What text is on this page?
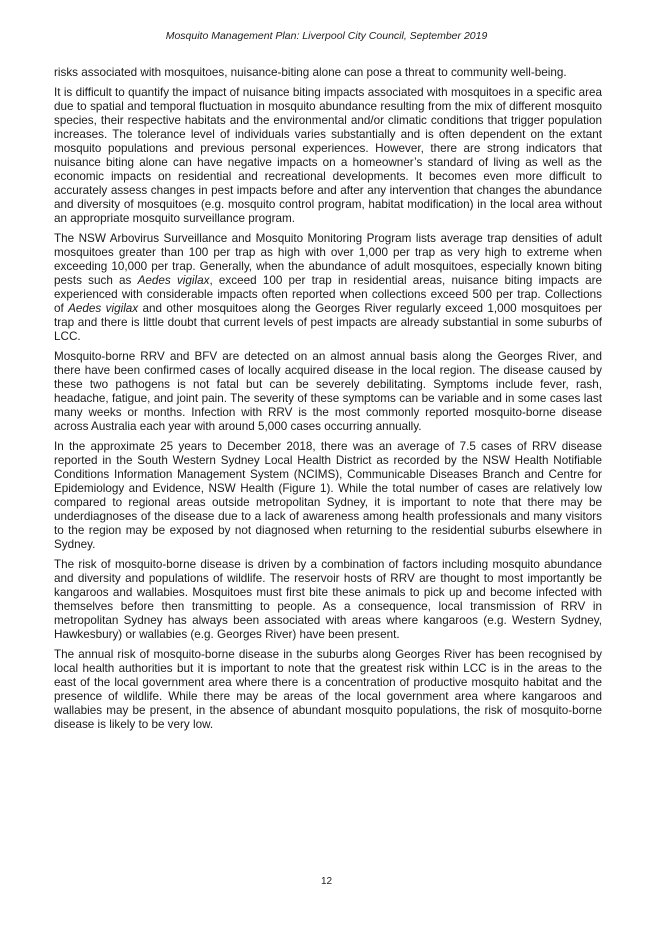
Mosquito Management Plan: Liverpool City Council, September 2019

risks associated with mosquitoes, nuisance-biting alone can pose a threat to community well-being.

It is difficult to quantify the impact of nuisance biting impacts associated with mosquitoes in a specific area due to spatial and temporal fluctuation in mosquito abundance resulting from the mix of different mosquito species, their respective habitats and the environmental and/or climatic conditions that trigger population increases. The tolerance level of individuals varies substantially and is often dependent on the extant mosquito populations and previous personal experiences. However, there are strong indicators that nuisance biting alone can have negative impacts on a homeowner’s standard of living as well as the economic impacts on residential and recreational developments. It becomes even more difficult to accurately assess changes in pest impacts before and after any intervention that changes the abundance and diversity of mosquitoes (e.g. mosquito control program, habitat modification) in the local area without an appropriate mosquito surveillance program.

The NSW Arbovirus Surveillance and Mosquito Monitoring Program lists average trap densities of adult mosquitoes greater than 100 per trap as high with over 1,000 per trap as very high to extreme when exceeding 10,000 per trap. Generally, when the abundance of adult mosquitoes, especially known biting pests such as Aedes vigilax, exceed 100 per trap in residential areas, nuisance biting impacts are experienced with considerable impacts often reported when collections exceed 500 per trap. Collections of Aedes vigilax and other mosquitoes along the Georges River regularly exceed 1,000 mosquitoes per trap and there is little doubt that current levels of pest impacts are already substantial in some suburbs of LCC.

Mosquito-borne RRV and BFV are detected on an almost annual basis along the Georges River, and there have been confirmed cases of locally acquired disease in the local region. The disease caused by these two pathogens is not fatal but can be severely debilitating. Symptoms include fever, rash, headache, fatigue, and joint pain. The severity of these symptoms can be variable and in some cases last many weeks or months. Infection with RRV is the most commonly reported mosquito-borne disease across Australia each year with around 5,000 cases occurring annually.

In the approximate 25 years to December 2018, there was an average of 7.5 cases of RRV disease reported in the South Western Sydney Local Health District as recorded by the NSW Health Notifiable Conditions Information Management System (NCIMS), Communicable Diseases Branch and Centre for Epidemiology and Evidence, NSW Health (Figure 1). While the total number of cases are relatively low compared to regional areas outside metropolitan Sydney, it is important to note that there may be underdiagnoses of the disease due to a lack of awareness among health professionals and many visitors to the region may be exposed by not diagnosed when returning to the residential suburbs elsewhere in Sydney.

The risk of mosquito-borne disease is driven by a combination of factors including mosquito abundance and diversity and populations of wildlife. The reservoir hosts of RRV are thought to most importantly be kangaroos and wallabies. Mosquitoes must first bite these animals to pick up and become infected with themselves before then transmitting to people. As a consequence, local transmission of RRV in metropolitan Sydney has always been associated with areas where kangaroos (e.g. Western Sydney, Hawkesbury) or wallabies (e.g. Georges River) have been present.

The annual risk of mosquito-borne disease in the suburbs along Georges River has been recognised by local health authorities but it is important to note that the greatest risk within LCC is in the areas to the east of the local government area where there is a concentration of productive mosquito habitat and the presence of wildlife. While there may be areas of the local government area where kangaroos and wallabies may be present, in the absence of abundant mosquito populations, the risk of mosquito-borne disease is likely to be very low.

12
